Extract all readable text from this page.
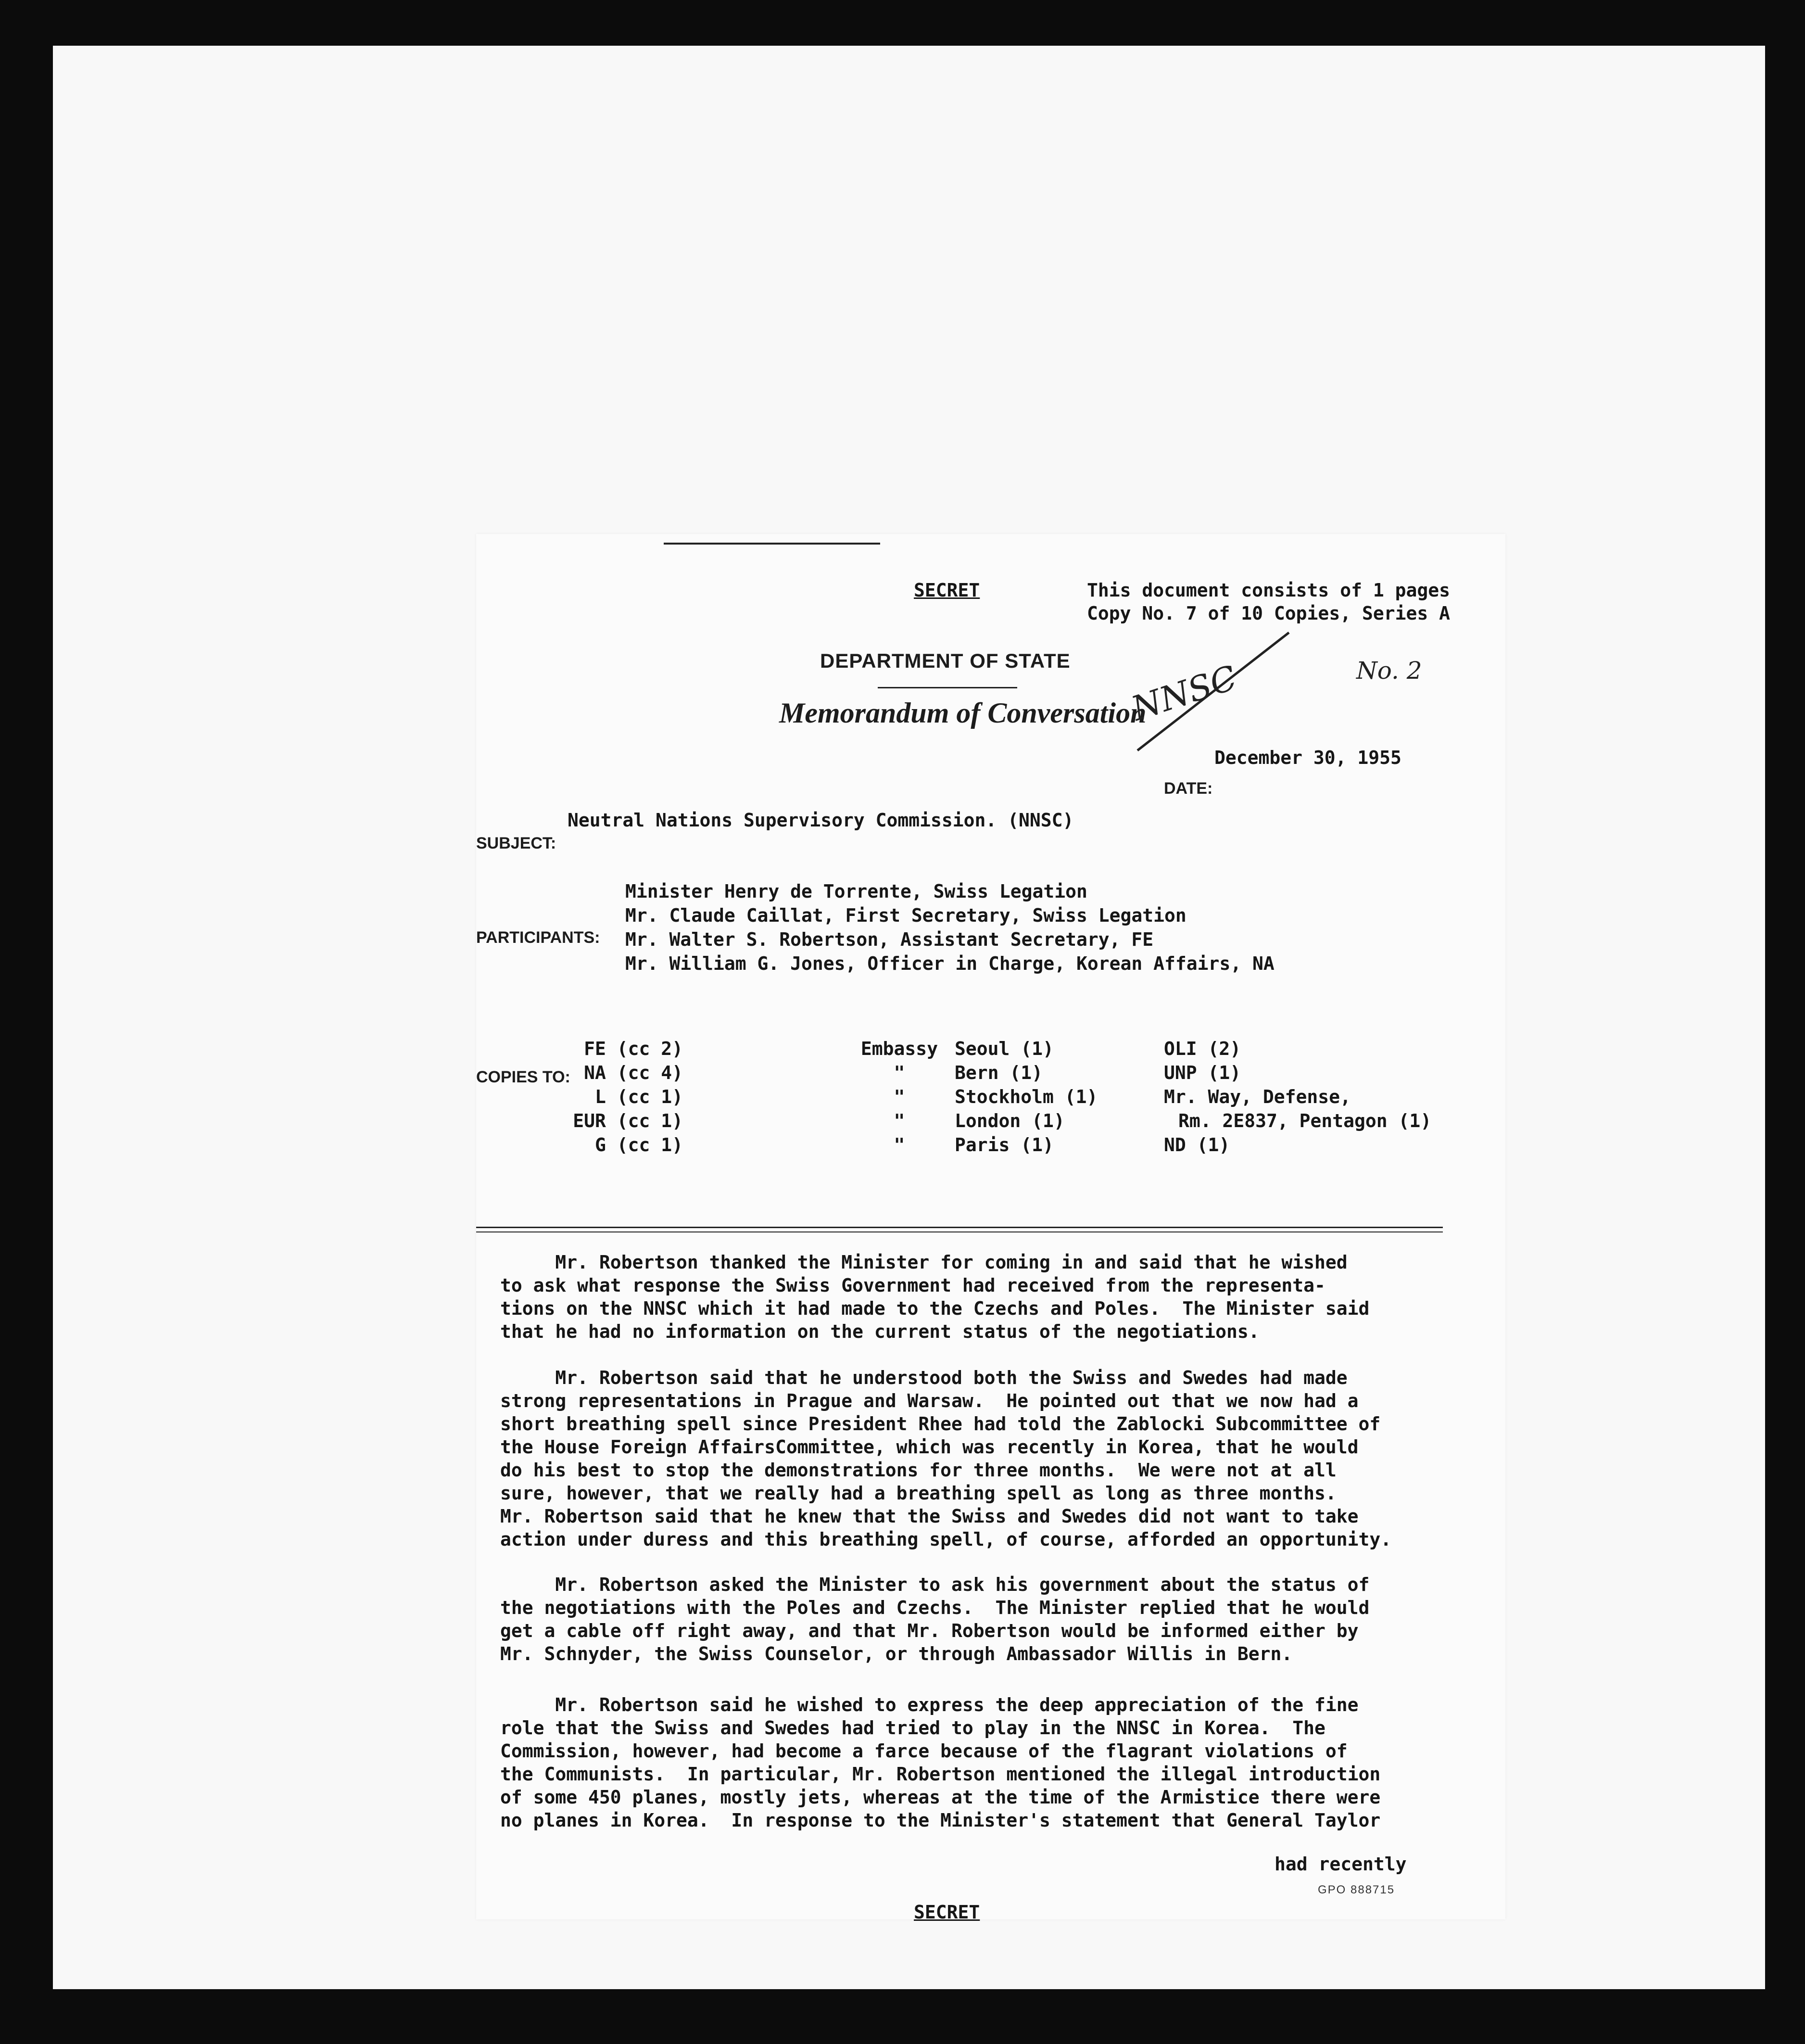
SECRET	This document consists of 1 pages
Copy No. 7 of 10 Copies, Series A
DEPARTMENT OF STATE
Memorandum of Conversation
NNSC	No. 2
December 30, 1955
DATE:
Neutral Nations Supervisory Commission. (NNSC)
SUBJECT:
Minister Henry de Torrente, Swiss Legation
Mr. Claude Caillat, First Secretary, Swiss Legation
Mr. Walter S. Robertson, Assistant Secretary, FE
Mr. William G. Jones, Officer in Charge, Korean Affairs, NA
PARTICIPANTS:
COPIES TO:
FE (cc 2)
NA (cc 4)
L (cc 1)
EUR (cc 1)
G (cc 1)
Embassy
"
"
"
"
Seoul (1)
Bern (1)
Stockholm (1)
London (1)
Paris (1)
OLI (2)
UNP (1)
Mr. Way, Defense,
Rm. 2E837, Pentagon (1)
ND (1)
Mr. Robertson thanked the Minister for coming in and said that he wished
to ask what response the Swiss Government had received from the representa-
tions on the NNSC which it had made to the Czechs and Poles.  The Minister said
that he had no information on the current status of the negotiations.
Mr. Robertson said that he understood both the Swiss and Swedes had made
strong representations in Prague and Warsaw.  He pointed out that we now had a
short breathing spell since President Rhee had told the Zablocki Subcommittee of
the House Foreign AffairsCommittee, which was recently in Korea, that he would
do his best to stop the demonstrations for three months.  We were not at all
sure, however, that we really had a breathing spell as long as three months.
Mr. Robertson said that he knew that the Swiss and Swedes did not want to take
action under duress and this breathing spell, of course, afforded an opportunity.
Mr. Robertson asked the Minister to ask his government about the status of
the negotiations with the Poles and Czechs.  The Minister replied that he would
get a cable off right away, and that Mr. Robertson would be informed either by
Mr. Schnyder, the Swiss Counselor, or through Ambassador Willis in Bern.
Mr. Robertson said he wished to express the deep appreciation of the fine
role that the Swiss and Swedes had tried to play in the NNSC in Korea.  The
Commission, however, had become a farce because of the flagrant violations of
the Communists.  In particular, Mr. Robertson mentioned the illegal introduction
of some 450 planes, mostly jets, whereas at the time of the Armistice there were
no planes in Korea.  In response to the Minister's statement that General Taylor
had recently
SECRET
GPO 888715
